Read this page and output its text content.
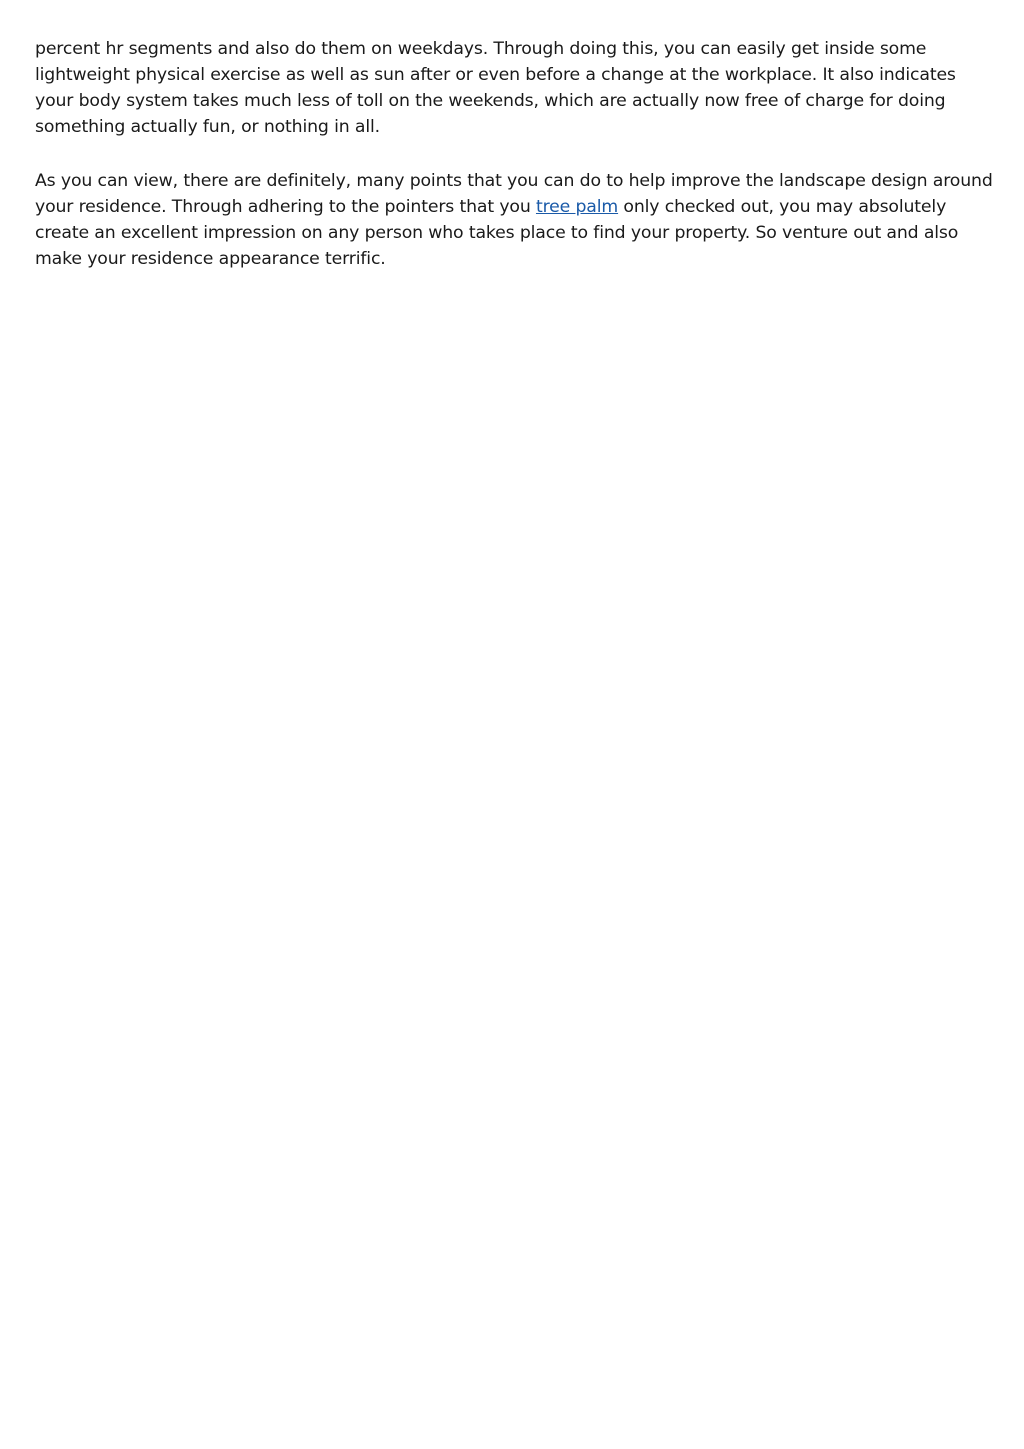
percent hr segments and also do them on weekdays. Through doing this, you can easily get inside some lightweight physical exercise as well as sun after or even before a change at the workplace. It also indicates your body system takes much less of toll on the weekends, which are actually now free of charge for doing something actually fun, or nothing in all.

As you can view, there are definitely, many points that you can do to help improve the landscape design around your residence. Through adhering to the pointers that you tree palm only checked out, you may absolutely create an excellent impression on any person who takes place to find your property. So venture out and also make your residence appearance terrific.
